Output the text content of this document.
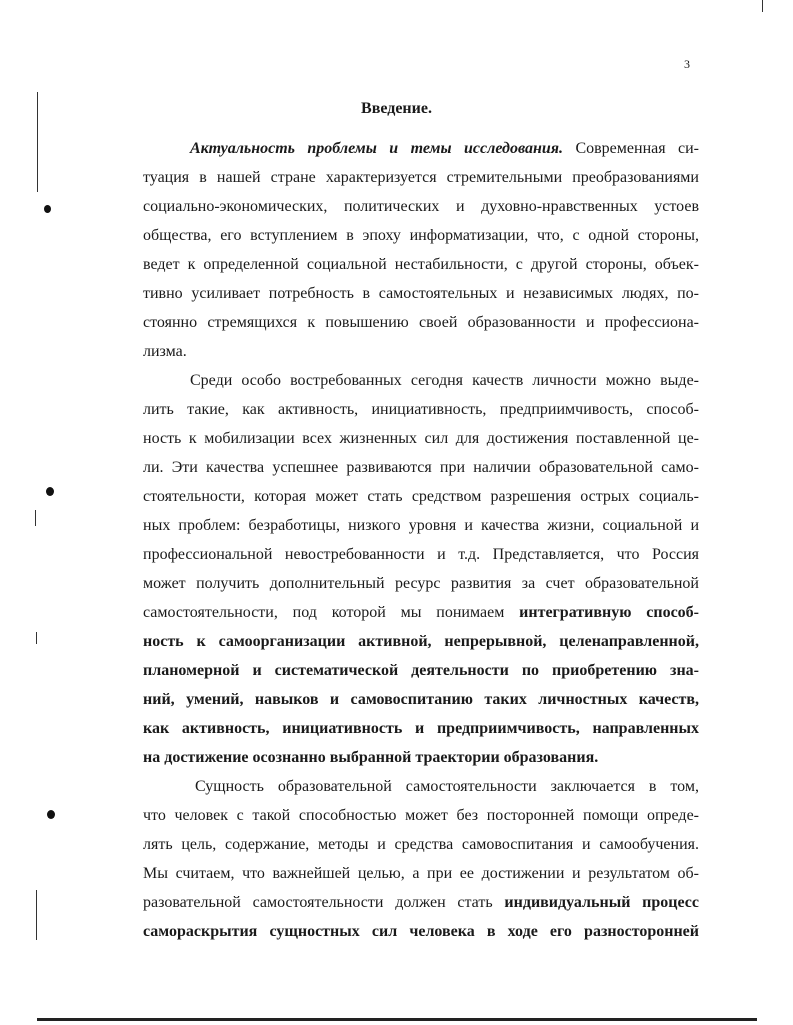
3
Введение.
Актуальность проблемы и темы исследования. Современная си-
туация в нашей стране характеризуется стремительными преобразованиями
социально-экономических, политических и духовно-нравственных устоев
общества, его вступлением в эпоху информатизации, что, с одной стороны,
ведет к определенной социальной нестабильности, с другой стороны, объек-
тивно усиливает потребность в самостоятельных и независимых людях, по-
стоянно стремящихся к повышению своей образованности и профессиона-
лизма.
Среди особо востребованных сегодня качеств личности можно выде-
лить такие, как активность, инициативность, предприимчивость, способ-
ность к мобилизации всех жизненных сил для достижения поставленной це-
ли. Эти качества успешнее развиваются при наличии образовательной само-
стоятельности, которая может стать средством разрешения острых социаль-
ных проблем: безработицы, низкого уровня и качества жизни, социальной и
профессиональной невостребованности и т.д. Представляется, что Россия
может получить дополнительный ресурс развития за счет образовательной
самостоятельности, под которой мы понимаем интегративную способ-
ность к самоорганизации активной, непрерывной, целенаправленной,
планомерной и систематической деятельности по приобретению зна-
ний, умений, навыков и самовоспитанию таких личностных качеств,
как активность, инициативность и предприимчивость, направленных
на достижение осознанно выбранной траектории образования.
Сущность образовательной самостоятельности заключается в том,
что человек с такой способностью может без посторонней помощи опреде-
лять цель, содержание, методы и средства самовоспитания и самообучения.
Мы считаем, что важнейшей целью, а при ее достижении и результатом об-
разовательной самостоятельности должен стать индивидуальный процесс
самораскрытия сущностных сил человека в ходе его разносторонней
